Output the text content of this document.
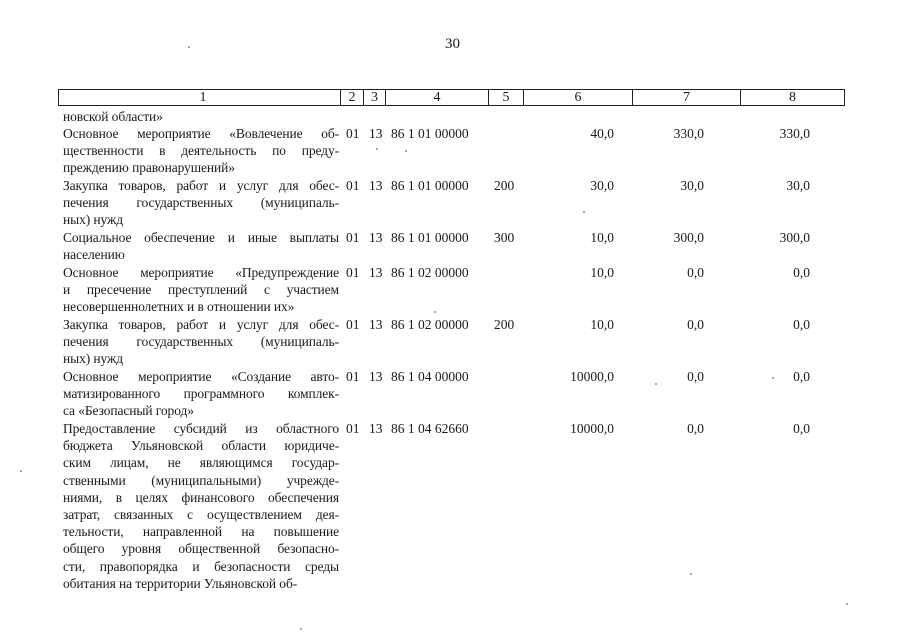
30
1	2	3	4	5	6	7	8
новской области»
Основное мероприятие «Вовлечение об-
щественности в деятельность по преду-
преждению правонарушений»
01 13 86 1 01 00000	40,0	330,0	330,0
Закупка товаров, работ и услуг для обес-
печения государственных (муниципаль-
ных) нужд
01 13 86 1 01 00000 200	30,0	30,0	30,0
Социальное обеспечение и иные выплаты
населению
01 13 86 1 01 00000 300	10,0	300,0	300,0
Основное мероприятие «Предупреждение
и пресечение преступлений с участием
несовершеннолетних и в отношении их»
01 13 86 1 02 00000	10,0	0,0	0,0
Закупка товаров, работ и услуг для обес-
печения государственных (муниципаль-
ных) нужд
01 13 86 1 02 00000 200	10,0	0,0	0,0
Основное мероприятие «Создание авто-
матизированного программного комплек-
са «Безопасный город»
01 13 86 1 04 00000	10000,0	0,0	0,0
Предоставление субсидий из областного
бюджета Ульяновской области юридиче-
ским лицам, не являющимся государ-
ственными (муниципальными) учрежде-
ниями, в целях финансового обеспечения
затрат, связанных с осуществлением дея-
тельности, направленной на повышение
общего уровня общественной безопасно-
сти, правопорядка и безопасности среды
обитания на территории Ульяновской об-
01 13 86 1 04 62660	10000,0	0,0	0,0
